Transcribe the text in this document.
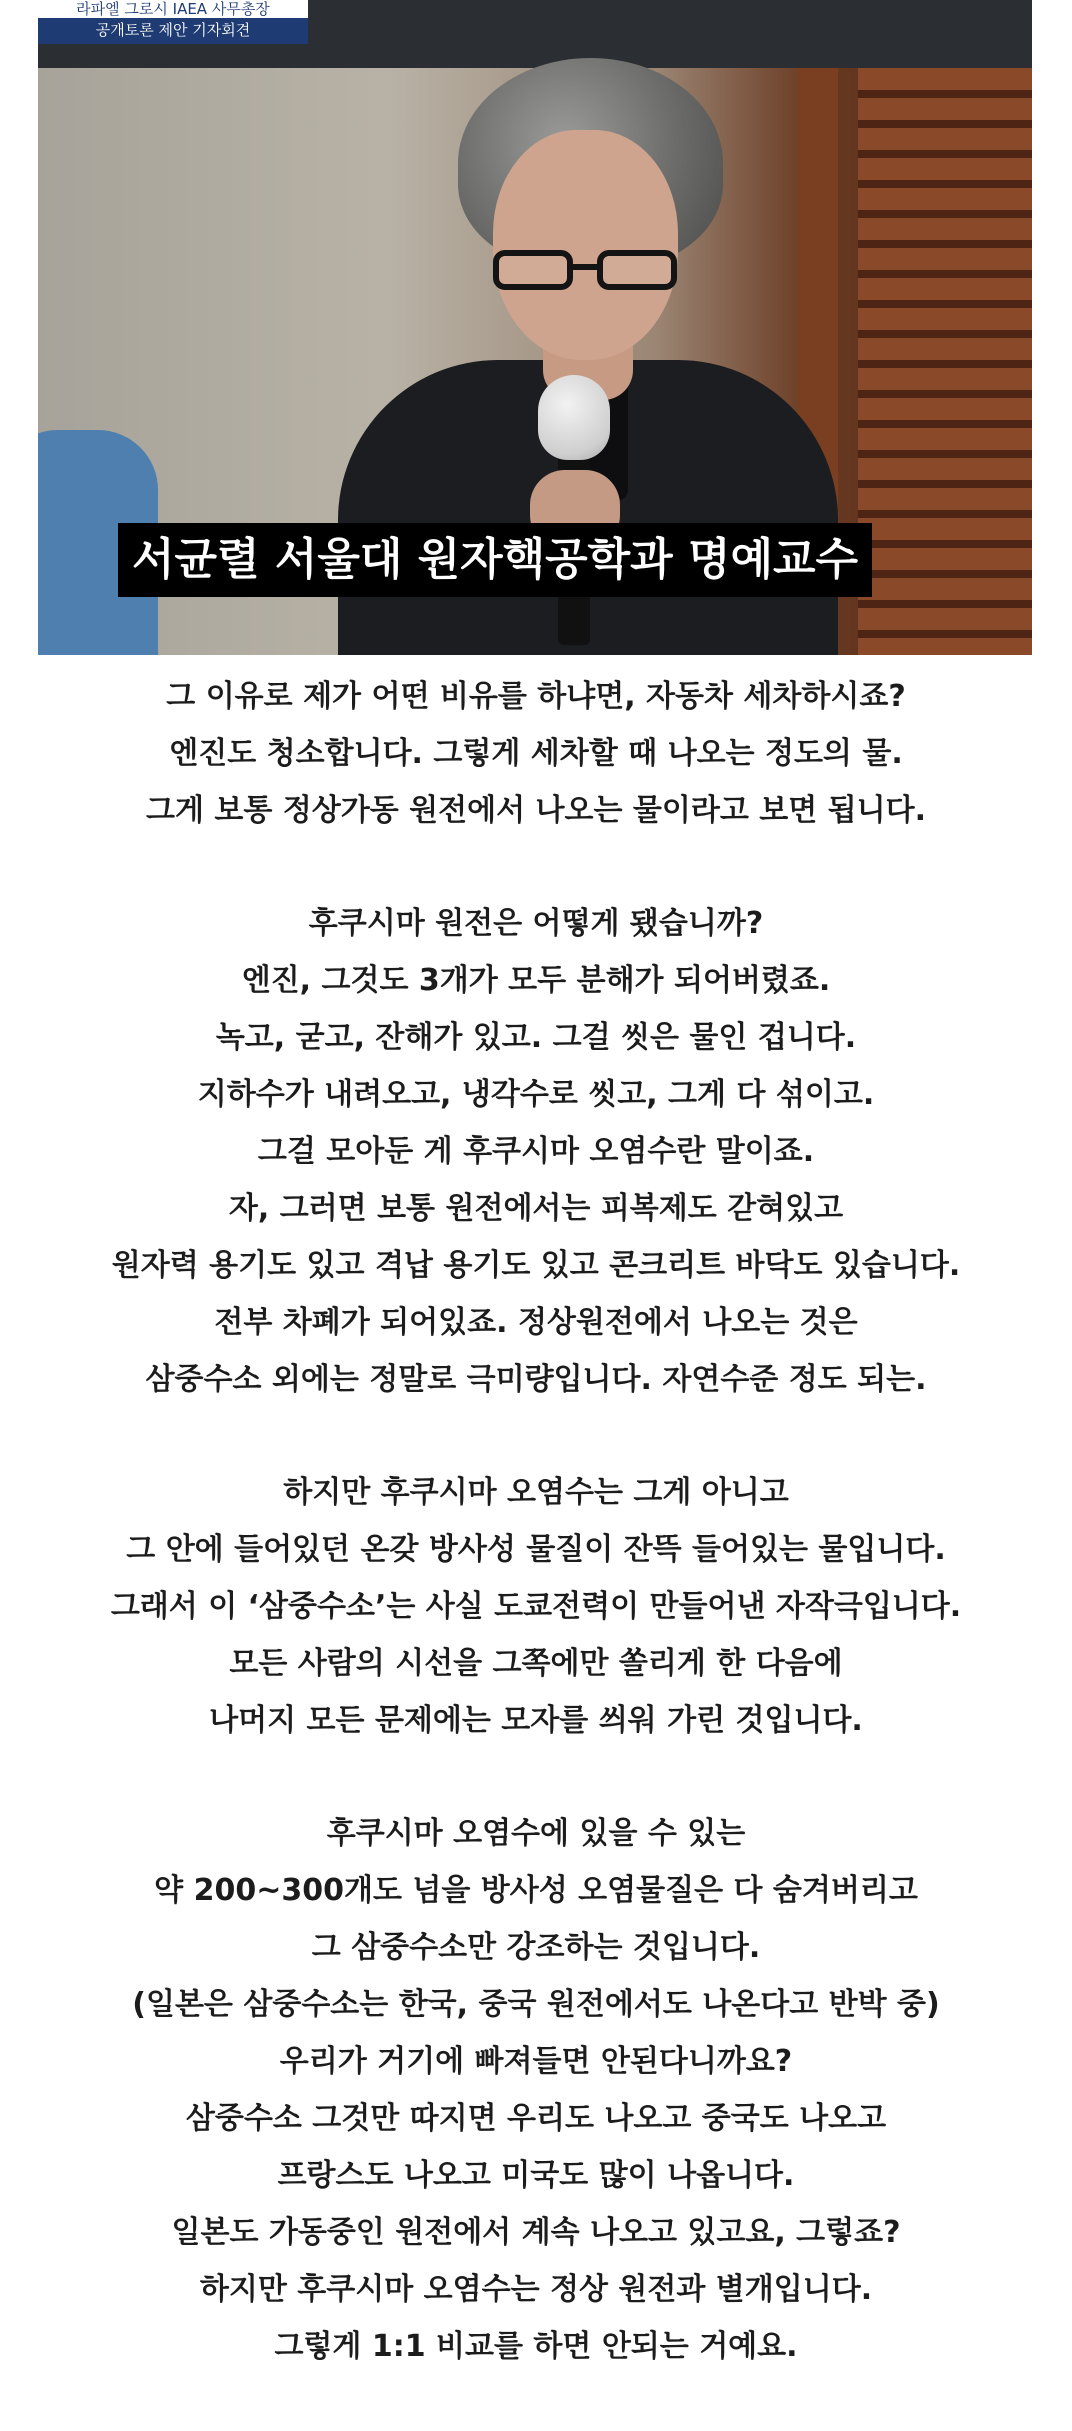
라파엘 그로시 IAEA 사무총장
공개토론 제안 기자회견
서균렬 서울대 원자핵공학과 명예교수
그 이유로 제가 어떤 비유를 하냐면, 자동차 세차하시죠?
엔진도 청소합니다. 그렇게 세차할 때 나오는 정도의 물.
그게 보통 정상가동 원전에서 나오는 물이라고 보면 됩니다.
후쿠시마 원전은 어떻게 됐습니까?
엔진, 그것도 3개가 모두 분해가 되어버렸죠.
녹고, 굳고, 잔해가 있고. 그걸 씻은 물인 겁니다.
지하수가 내려오고, 냉각수로 씻고, 그게 다 섞이고.
그걸 모아둔 게 후쿠시마 오염수란 말이죠.
자, 그러면 보통 원전에서는 피복제도 갇혀있고
원자력 용기도 있고 격납 용기도 있고 콘크리트 바닥도 있습니다.
전부 차폐가 되어있죠. 정상원전에서 나오는 것은
삼중수소 외에는 정말로 극미량입니다. 자연수준 정도 되는.
하지만 후쿠시마 오염수는 그게 아니고
그 안에 들어있던 온갖 방사성 물질이 잔뜩 들어있는 물입니다.
그래서 이 ‘삼중수소’는 사실 도쿄전력이 만들어낸 자작극입니다.
모든 사람의 시선을 그쪽에만 쏠리게 한 다음에
나머지 모든 문제에는 모자를 씌워 가린 것입니다.
후쿠시마 오염수에 있을 수 있는
약 200~300개도 넘을 방사성 오염물질은 다 숨겨버리고
그 삼중수소만 강조하는 것입니다.
(일본은 삼중수소는 한국, 중국 원전에서도 나온다고 반박 중)
우리가 거기에 빠져들면 안된다니까요?
삼중수소 그것만 따지면 우리도 나오고 중국도 나오고
프랑스도 나오고 미국도 많이 나옵니다.
일본도 가동중인 원전에서 계속 나오고 있고요, 그렇죠?
하지만 후쿠시마 오염수는 정상 원전과 별개입니다.
그렇게 1:1 비교를 하면 안되는 거예요.
